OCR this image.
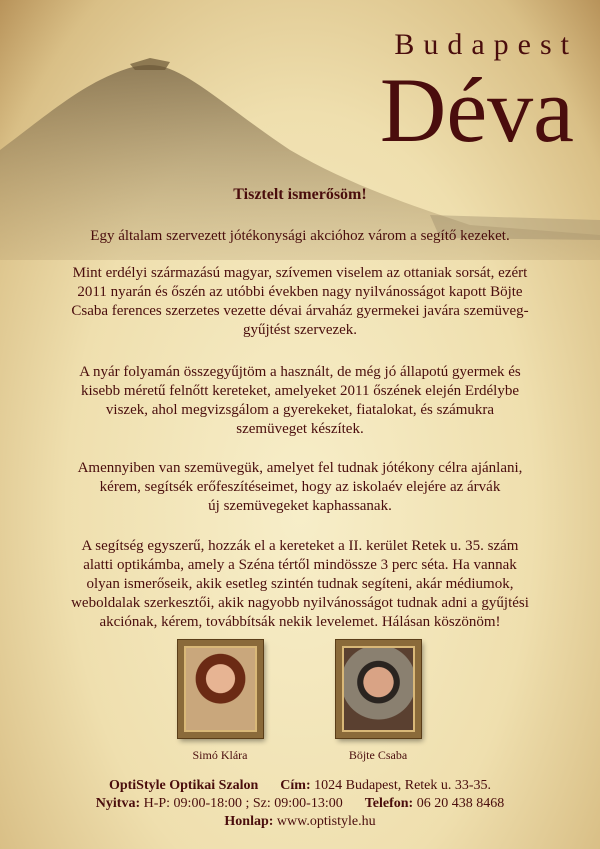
Budapest
Déva
Tisztelt ismerősöm!
Egy általam szervezett jótékonysági akcióhoz várom a segítő kezeket.
Mint erdélyi származású magyar, szívemen viselem az ottaniak sorsát, ezért
2011 nyarán és őszén az utóbbi években nagy nyilvánosságot kapott Böjte
Csaba ferences szerzetes vezette dévai árvaház gyermekei javára szemüveg-
gyűjtést szervezek.
A nyár folyamán összegyűjtöm a használt, de még jó állapotú gyermek és
kisebb méretű felnőtt kereteket, amelyeket 2011 őszének elején Erdélybe
viszek, ahol megvizsgálom a gyerekeket, fiatalokat, és számukra
szemüveget készítek.
Amennyiben van szemüvegük, amelyet fel tudnak jótékony célra ajánlani,
kérem, segítsék erőfeszítéseimet, hogy az iskolaév elejére az árvák
új szemüvegeket kaphassanak.
A segítség egyszerű, hozzák el a kereteket a II. kerület Retek u. 35. szám
alatti optikámba, amely a Széna tértől mindössze 3 perc séta. Ha vannak
olyan ismerőseik, akik esetleg szintén tudnak segíteni, akár médiumok,
weboldalak szerkesztői, akik nagyobb nyilvánosságot tudnak adni a gyűjtési
akciónak, kérem, továbbítsák nekik levelemet. Hálásan köszönöm!
Simó Klára	Böjte Csaba
OptiStyle Optikai Szalon Cím: 1024 Budapest, Retek u. 33-35.
Nyitva: H-P: 09:00-18:00 ; Sz: 09:00-13:00 Telefon: 06 20 438 8468
Honlap: www.optistyle.hu
